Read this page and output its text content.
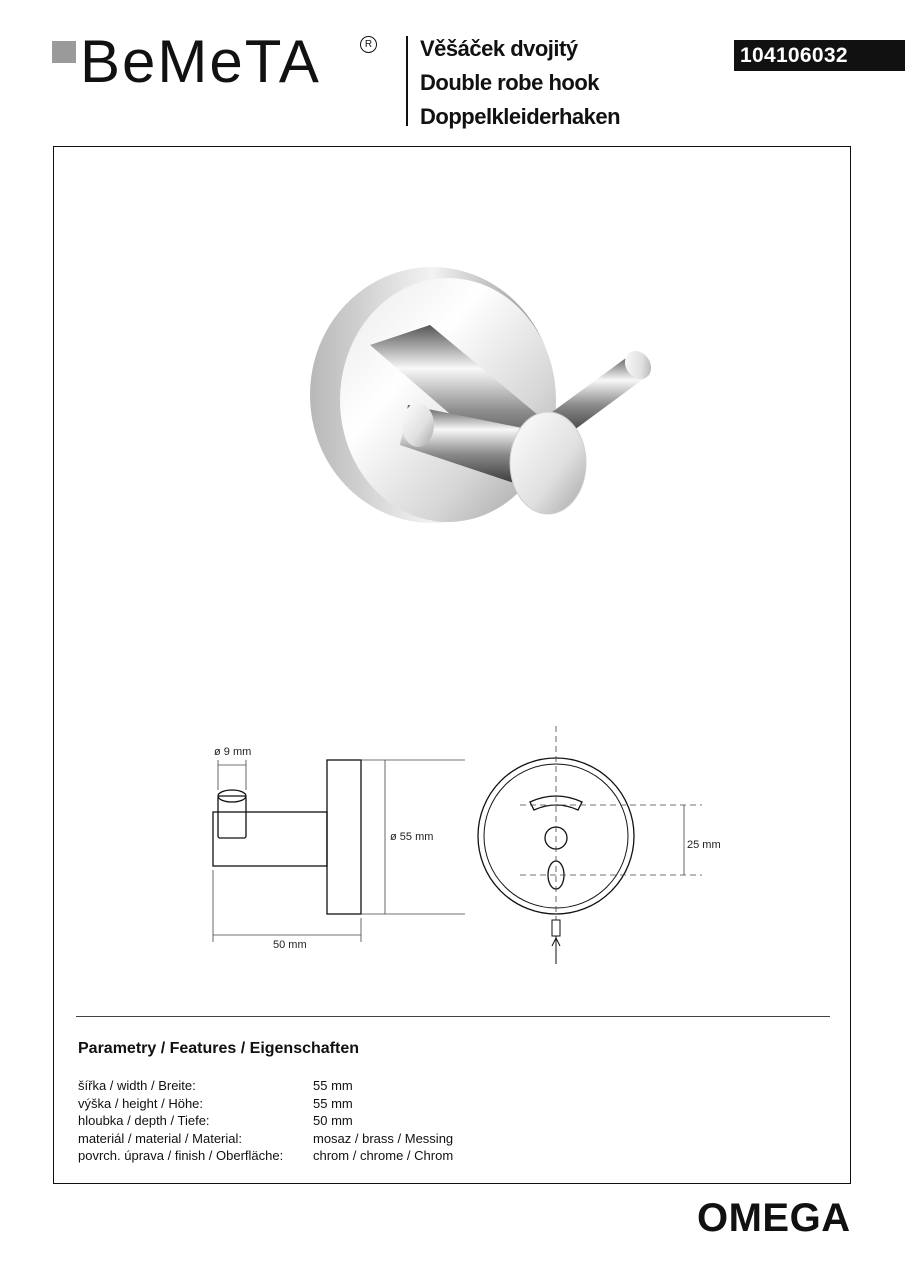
BeMeTA	R Věšáček dvojitý
Double robe hook
Doppelkleiderhaken
104106032
ø 9 mm
ø 55 mm
50 mm
25 mm
Parametry / Features / Eigenschaften
šířka / width / Breite:	55 mm
výška / height / Höhe:	55 mm
hloubka / depth / Tiefe:	50 mm
materiál / material / Material:	mosaz / brass / Messing
povrch. úprava / finish / Oberfläche:	chrom / chrome / Chrom
OMEGA
